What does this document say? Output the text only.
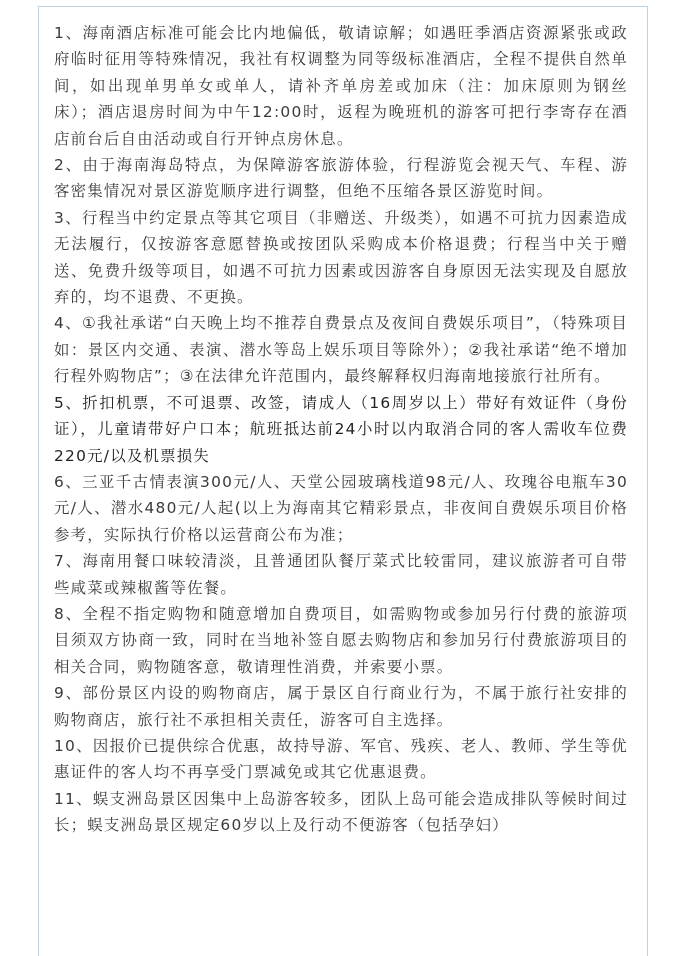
1、海南酒店标准可能会比内地偏低，敬请谅解；如遇旺季酒店资源紧张或政府临时征用等特殊情况，我社有权调整为同等级标准酒店，全程不提供自然单间，如出现单男单女或单人，请补齐单房差或加床（注：加床原则为钢丝床）；酒店退房时间为中午12:00时，返程为晚班机的游客可把行李寄存在酒店前台后自由活动或自行开钟点房休息。

2、由于海南海岛特点，为保障游客旅游体验，行程游览会视天气、车程、游客密集情况对景区游览顺序进行调整，但绝不压缩各景区游览时间。

3、行程当中约定景点等其它项目（非赠送、升级类），如遇不可抗力因素造成无法履行，仅按游客意愿替换或按团队采购成本价格退费；行程当中关于赠送、免费升级等项目，如遇不可抗力因素或因游客自身原因无法实现及自愿放弃的，均不退费、不更换。

4、①我社承诺“白天晚上均不推荐自费景点及夜间自费娱乐项目”，（特殊项目如：景区内交通、表演、潜水等岛上娱乐项目等除外）；②我社承诺“绝不增加行程外购物店”；③在法律允许范围内，最终解释权归海南地接旅行社所有。

5、折扣机票，不可退票、改签，请成人（16周岁以上）带好有效证件（身份证），儿童请带好户口本；航班抵达前24小时以内取消合同的客人需收车位费220元/以及机票损失

6、三亚千古情表演300元/人、天堂公园玻璃栈道98元/人、玫瑰谷电瓶车30元/人、潜水480元/人起(以上为海南其它精彩景点，非夜间自费娱乐项目价格参考，实际执行价格以运营商公布为准；

7、海南用餐口味较清淡，且普通团队餐厅菜式比较雷同，建议旅游者可自带些咸菜或辣椒酱等佐餐。

8、全程不指定购物和随意增加自费项目，如需购物或参加另行付费的旅游项目须双方协商一致，同时在当地补签自愿去购物店和参加另行付费旅游项目的相关合同，购物随客意，敬请理性消费，并索要小票。

9、部份景区内设的购物商店，属于景区自行商业行为，不属于旅行社安排的购物商店，旅行社不承担相关责任，游客可自主选择。

10、因报价已提供综合优惠，故持导游、军官、残疾、老人、教师、学生等优惠证件的客人均不再享受门票减免或其它优惠退费。

11、蜈支洲岛景区因集中上岛游客较多，团队上岛可能会造成排队等候时间过长；蜈支洲岛景区规定60岁以上及行动不便游客（包括孕妇）
